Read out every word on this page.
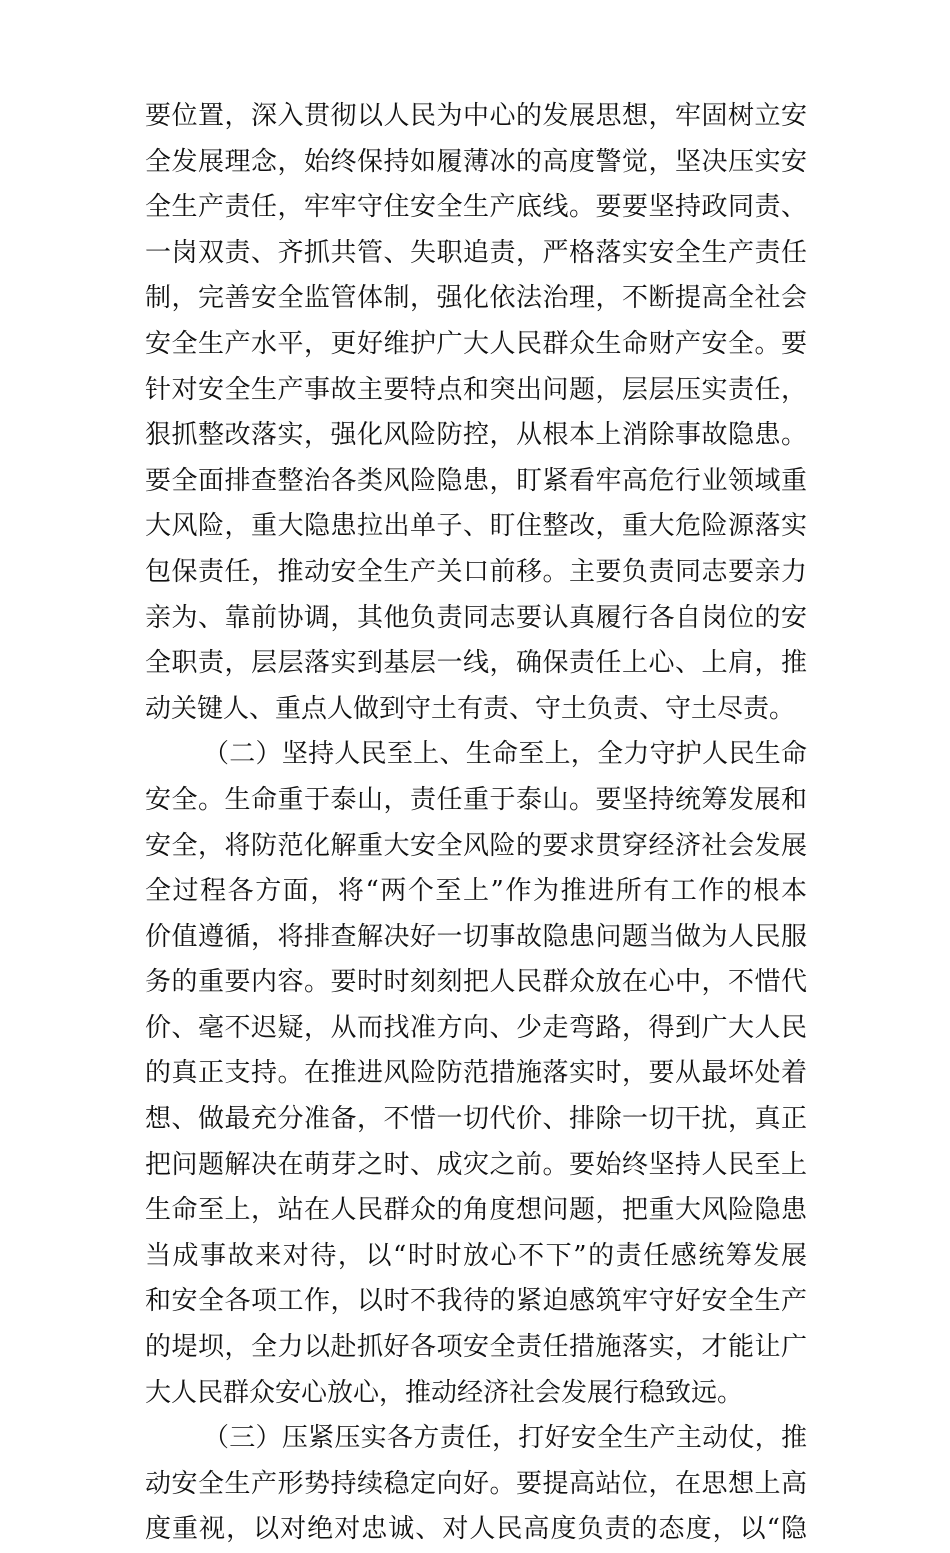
要位置，深入贯彻以人民为中心的发展思想，牢固树立安
全发展理念，始终保持如履薄冰的高度警觉，坚决压实安
全生产责任，牢牢守住安全生产底线。要要坚持政同责、
一岗双责、齐抓共管、失职追责，严格落实安全生产责任
制，完善安全监管体制，强化依法治理，不断提高全社会
安全生产水平，更好维护广大人民群众生命财产安全。要
针对安全生产事故主要特点和突出问题，层层压实责任，
狠抓整改落实，强化风险防控，从根本上消除事故隐患。
要全面排查整治各类风险隐患，盯紧看牢高危行业领域重
大风险，重大隐患拉出单子、盯住整改，重大危险源落实
包保责任，推动安全生产关口前移。主要负责同志要亲力
亲为、靠前协调，其他负责同志要认真履行各自岗位的安
全职责，层层落实到基层一线，确保责任上心、上肩，推
动关键人、重点人做到守土有责、守土负责、守土尽责。
（二）坚持人民至上、生命至上，全力守护人民生命
安全。生命重于泰山，责任重于泰山。要坚持统筹发展和
安全，将防范化解重大安全风险的要求贯穿经济社会发展
全过程各方面，将“两个至上”作为推进所有工作的根本
价值遵循，将排查解决好一切事故隐患问题当做为人民服
务的重要内容。要时时刻刻把人民群众放在心中，不惜代
价、毫不迟疑，从而找准方向、少走弯路，得到广大人民
的真正支持。在推进风险防范措施落实时，要从最坏处着
想、做最充分准备，不惜一切代价、排除一切干扰，真正
把问题解决在萌芽之时、成灾之前。要始终坚持人民至上
生命至上，站在人民群众的角度想问题，把重大风险隐患
当成事故来对待，以“时时放心不下”的责任感统筹发展
和安全各项工作，以时不我待的紧迫感筑牢守好安全生产
的堤坝，全力以赴抓好各项安全责任措施落实，才能让广
大人民群众安心放心，推动经济社会发展行稳致远。
（三）压紧压实各方责任，打好安全生产主动仗，推
动安全生产形势持续稳定向好。要提高站位，在思想上高
度重视，以对绝对忠诚、对人民高度负责的态度，以“隐
